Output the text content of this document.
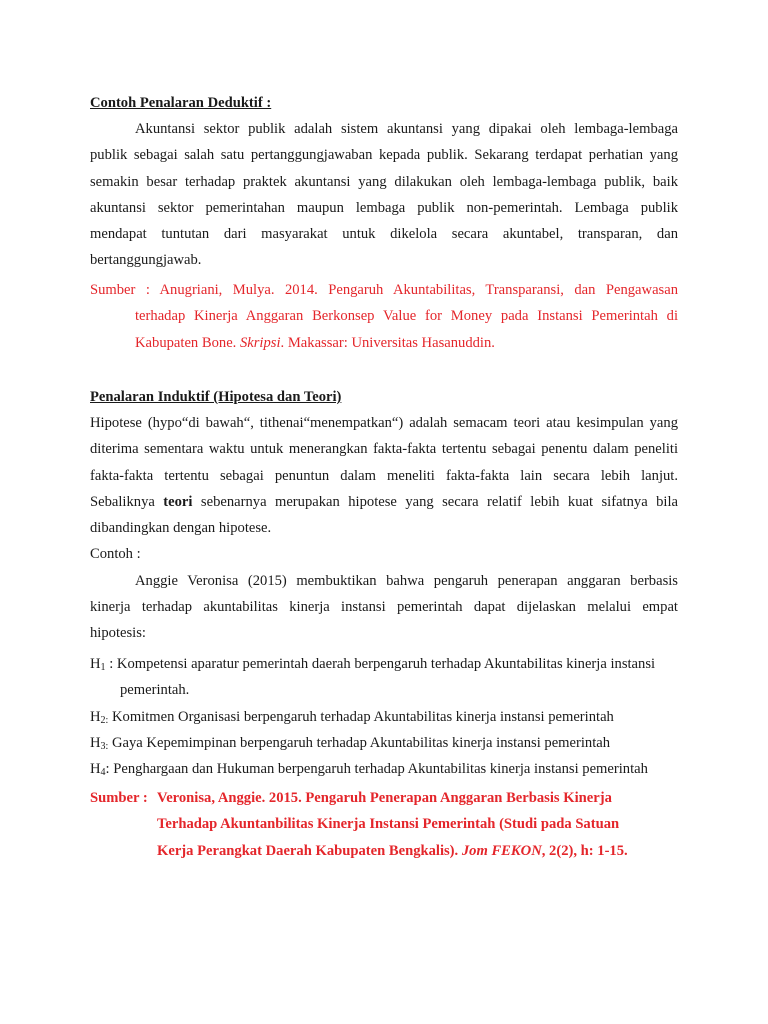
Contoh Penalaran Deduktif :
Akuntansi sektor publik adalah sistem akuntansi yang dipakai oleh lembaga-lembaga
publik sebagai salah satu pertanggungjawaban kepada publik. Sekarang terdapat perhatian yang
semakin besar terhadap praktek akuntansi yang dilakukan oleh lembaga-lembaga publik, baik
akuntansi sektor pemerintahan maupun lembaga publik non-pemerintah. Lembaga publik
mendapat tuntutan dari masyarakat untuk dikelola secara akuntabel, transparan, dan
bertanggungjawab.
Sumber : Anugriani, Mulya. 2014. Pengaruh Akuntabilitas, Transparansi, dan Pengawasan
terhadap Kinerja Anggaran Berkonsep Value for Money pada Instansi Pemerintah di
Kabupaten Bone. Skripsi. Makassar: Universitas Hasanuddin.
Penalaran Induktif (Hipotesa dan Teori)
Hipotese (hypo“di bawah“, tithenai“menempatkan“) adalah semacam teori atau kesimpulan yang
diterima sementara waktu untuk menerangkan fakta-fakta tertentu sebagai penentu dalam peneliti
fakta-fakta tertentu sebagai penuntun dalam meneliti fakta-fakta lain secara lebih lanjut.
Sebaliknya teori sebenarnya merupakan hipotese yang secara relatif lebih kuat sifatnya bila
dibandingkan dengan hipotese.
Contoh :
Anggie Veronisa (2015) membuktikan bahwa pengaruh penerapan anggaran berbasis
kinerja terhadap akuntabilitas kinerja instansi pemerintah dapat dijelaskan melalui empat
hipotesis:
$H_1$ : Kompetensi aparatur pemerintah daerah berpengaruh terhadap Akuntabilitas kinerja instansi
pemerintah.
$H_{2:}$ Komitmen Organisasi berpengaruh terhadap Akuntabilitas kinerja instansi pemerintah
$H_{3:}$ Gaya Kepemimpinan berpengaruh terhadap Akuntabilitas kinerja instansi pemerintah
$H_4$: Penghargaan dan Hukuman berpengaruh terhadap Akuntabilitas kinerja instansi pemerintah
Sumber : Veronisa, Anggie. 2015. Pengaruh Penerapan Anggaran Berbasis Kinerja
Terhadap Akuntanbilitas Kinerja Instansi Pemerintah (Studi pada Satuan
Kerja Perangkat Daerah Kabupaten Bengkalis). Jom FEKON, 2(2), h: 1-15.
